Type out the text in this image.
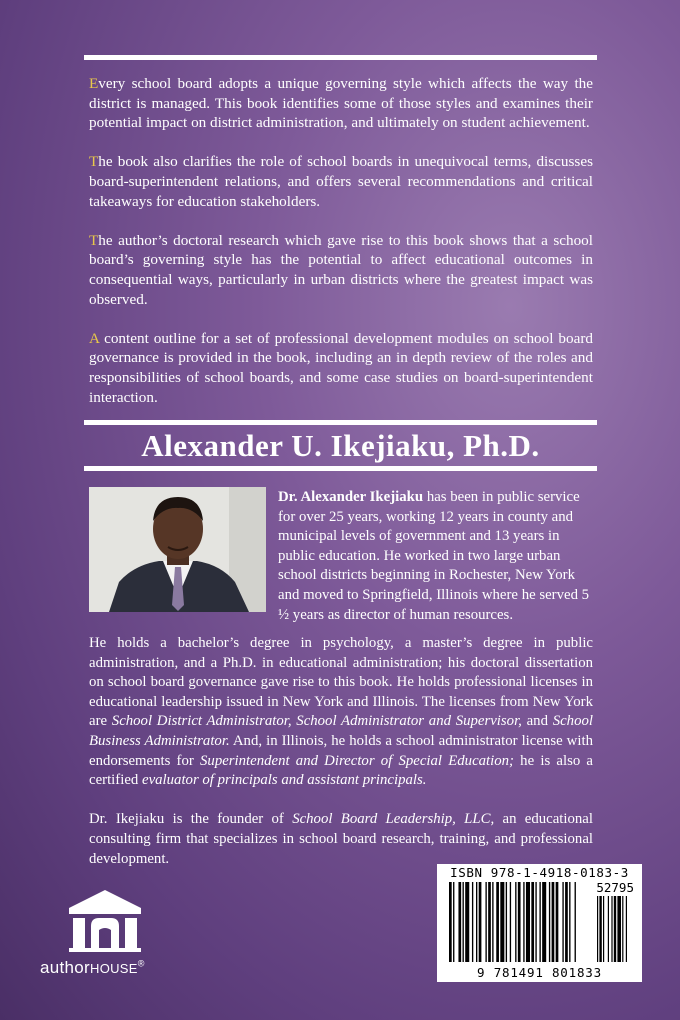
Every school board adopts a unique governing style which affects the way the district is managed. This book identifies some of those styles and examines their potential impact on district administration, and ultimately on student achievement.

The book also clarifies the role of school boards in unequivocal terms, discusses board-superintendent relations, and offers several recommendations and critical takeaways for education stakeholders.

The author’s doctoral research which gave rise to this book shows that a school board’s governing style has the potential to affect educational outcomes in consequential ways, particularly in urban districts where the greatest impact was observed.

A content outline for a set of professional development modules on school board governance is provided in the book, including an in depth review of the roles and responsibilities of school boards, and some case studies on board-superintendent interaction.

Alexander U. Ikejiaku, Ph.D.
Dr. Alexander Ikejiaku has been in public service for over 25 years, working 12 years in county and municipal levels of government and 13 years in public education. He worked in two large urban school districts beginning in Rochester, New York and moved to Springfield, Illinois where he served 5 ½ years as director of human resources.

He holds a bachelor’s degree in psychology, a master’s degree in public administration, and a Ph.D. in educational administration; his doctoral dissertation on school board governance gave rise to this book. He holds professional licenses in educational leadership issued in New York and Illinois. The licenses from New York are School District Administrator, School Administrator and Supervisor, and School Business Administrator. And, in Illinois, he holds a school administrator license with endorsements for Superintendent and Director of Special Education; he is also a certified evaluator of principals and assistant principals.

Dr. Ikejiaku is the founder of School Board Leadership, LLC, an educational consulting firm that specializes in school board research, training, and professional development.

authorHOUSE®
ISBN 978-1-4918-0183-3
52795
9 781491 801833
